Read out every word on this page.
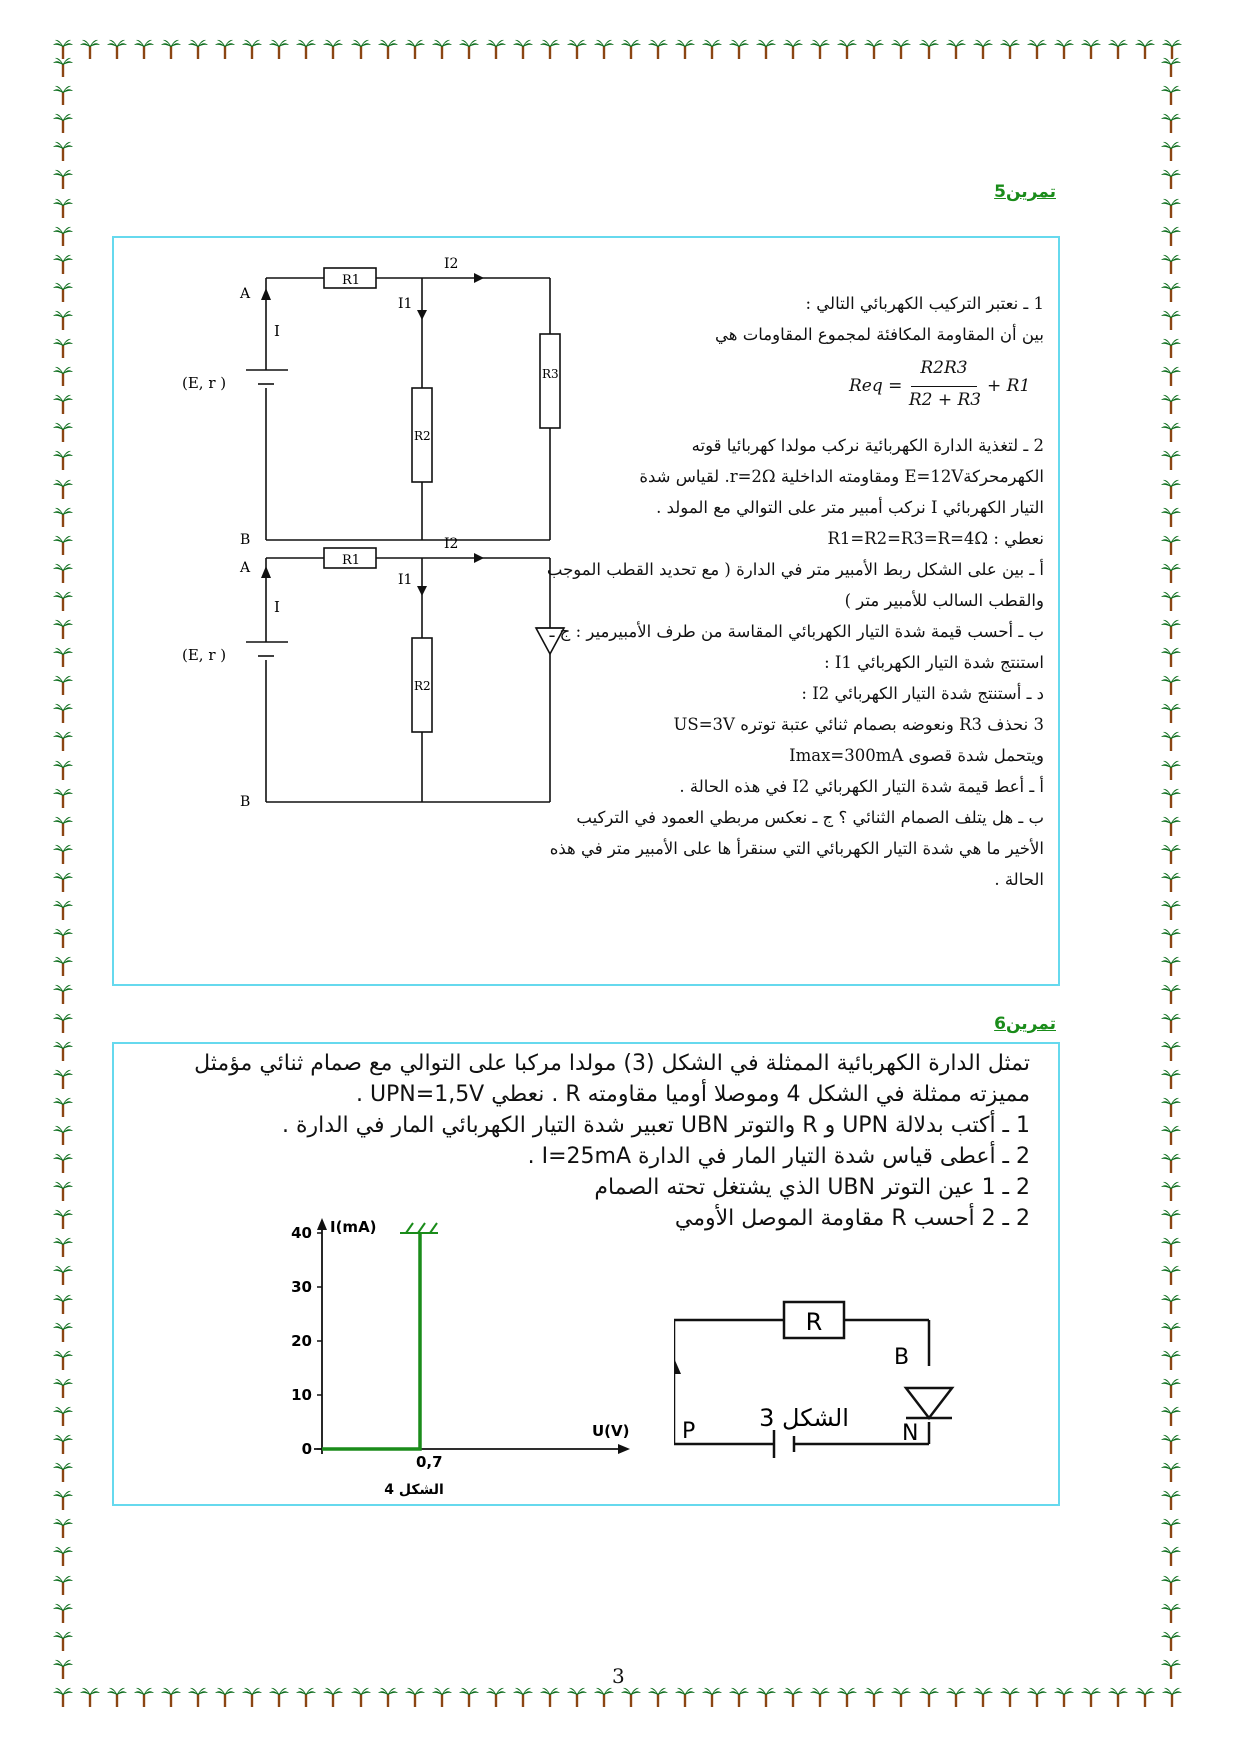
تمرين5
R1
R2
R3
I2
I1
I
A
B
(E, r )
R1
R2
I2
I1
I
A
B
(E, r )
Req =
R2R3
R2 + R3
+ R1

1 ـ نعتبر التركيب الكهربائي التالي :

بين أن المقاومة المكافئة لمجموع المقاومات هي

2 ـ لتغذية الدارة الكهربائية نركب مولدا كهربائيا قوته

الكهرمحركةE=12V ومقاومته الداخلية r=2Ω. لقياس شدة

التيار الكهربائي I نركب أمبير متر على التوالي مع المولد .

نعطي : R1=R2=R3=R=4Ω

أ ـ بين على الشكل ربط الأمبير متر في الدارة ( مع تحديد القطب الموجب

والقطب السالب للأمبير متر )

ب ـ أحسب قيمة شدة التيار الكهربائي المقاسة من طرف الأمبيرمير : ج ـ

استنتج شدة التيار الكهربائي I1 :

د ـ أستنتج شدة التيار الكهربائي I2 :

3 نحذف R3 ونعوضه بصمام ثنائي عتبة توتره US=3V

ويتحمل شدة قصوى Imax=300mA

أ ـ أعط قيمة شدة التيار الكهربائي I2 في هذه الحالة .

ب ـ هل يتلف الصمام الثنائي ؟ ج ـ نعكس مربطي العمود في التركيب

الأخير ما هي شدة التيار الكهربائي التي سنقرأ ها على الأمبير متر في هذه

الحالة .

تمرين6

تمثل الدارة الكهربائية الممثلة في الشكل (3) مولدا مركبا على التوالي مع صمام ثنائي مؤمثل

مميزته ممثلة في الشكل 4 وموصلا أوميا مقاومته R . نعطي UPN=1,5V .

1 ـ أكتب بدلالة UPN و R والتوتر UBN تعبير شدة التيار الكهربائي المار في الدارة .

2 ـ أعطى قياس شدة التيار المار في الدارة I=25mA .

2 ـ 1 عين التوتر UBN الذي يشتغل تحته الصمام

2 ـ 2 أحسب R مقاومة الموصل الأومي

I(mA)
U(V)
الشكل 4
0
10
20
30
40
0,7
R
B
N
P	الشكل 3
3
